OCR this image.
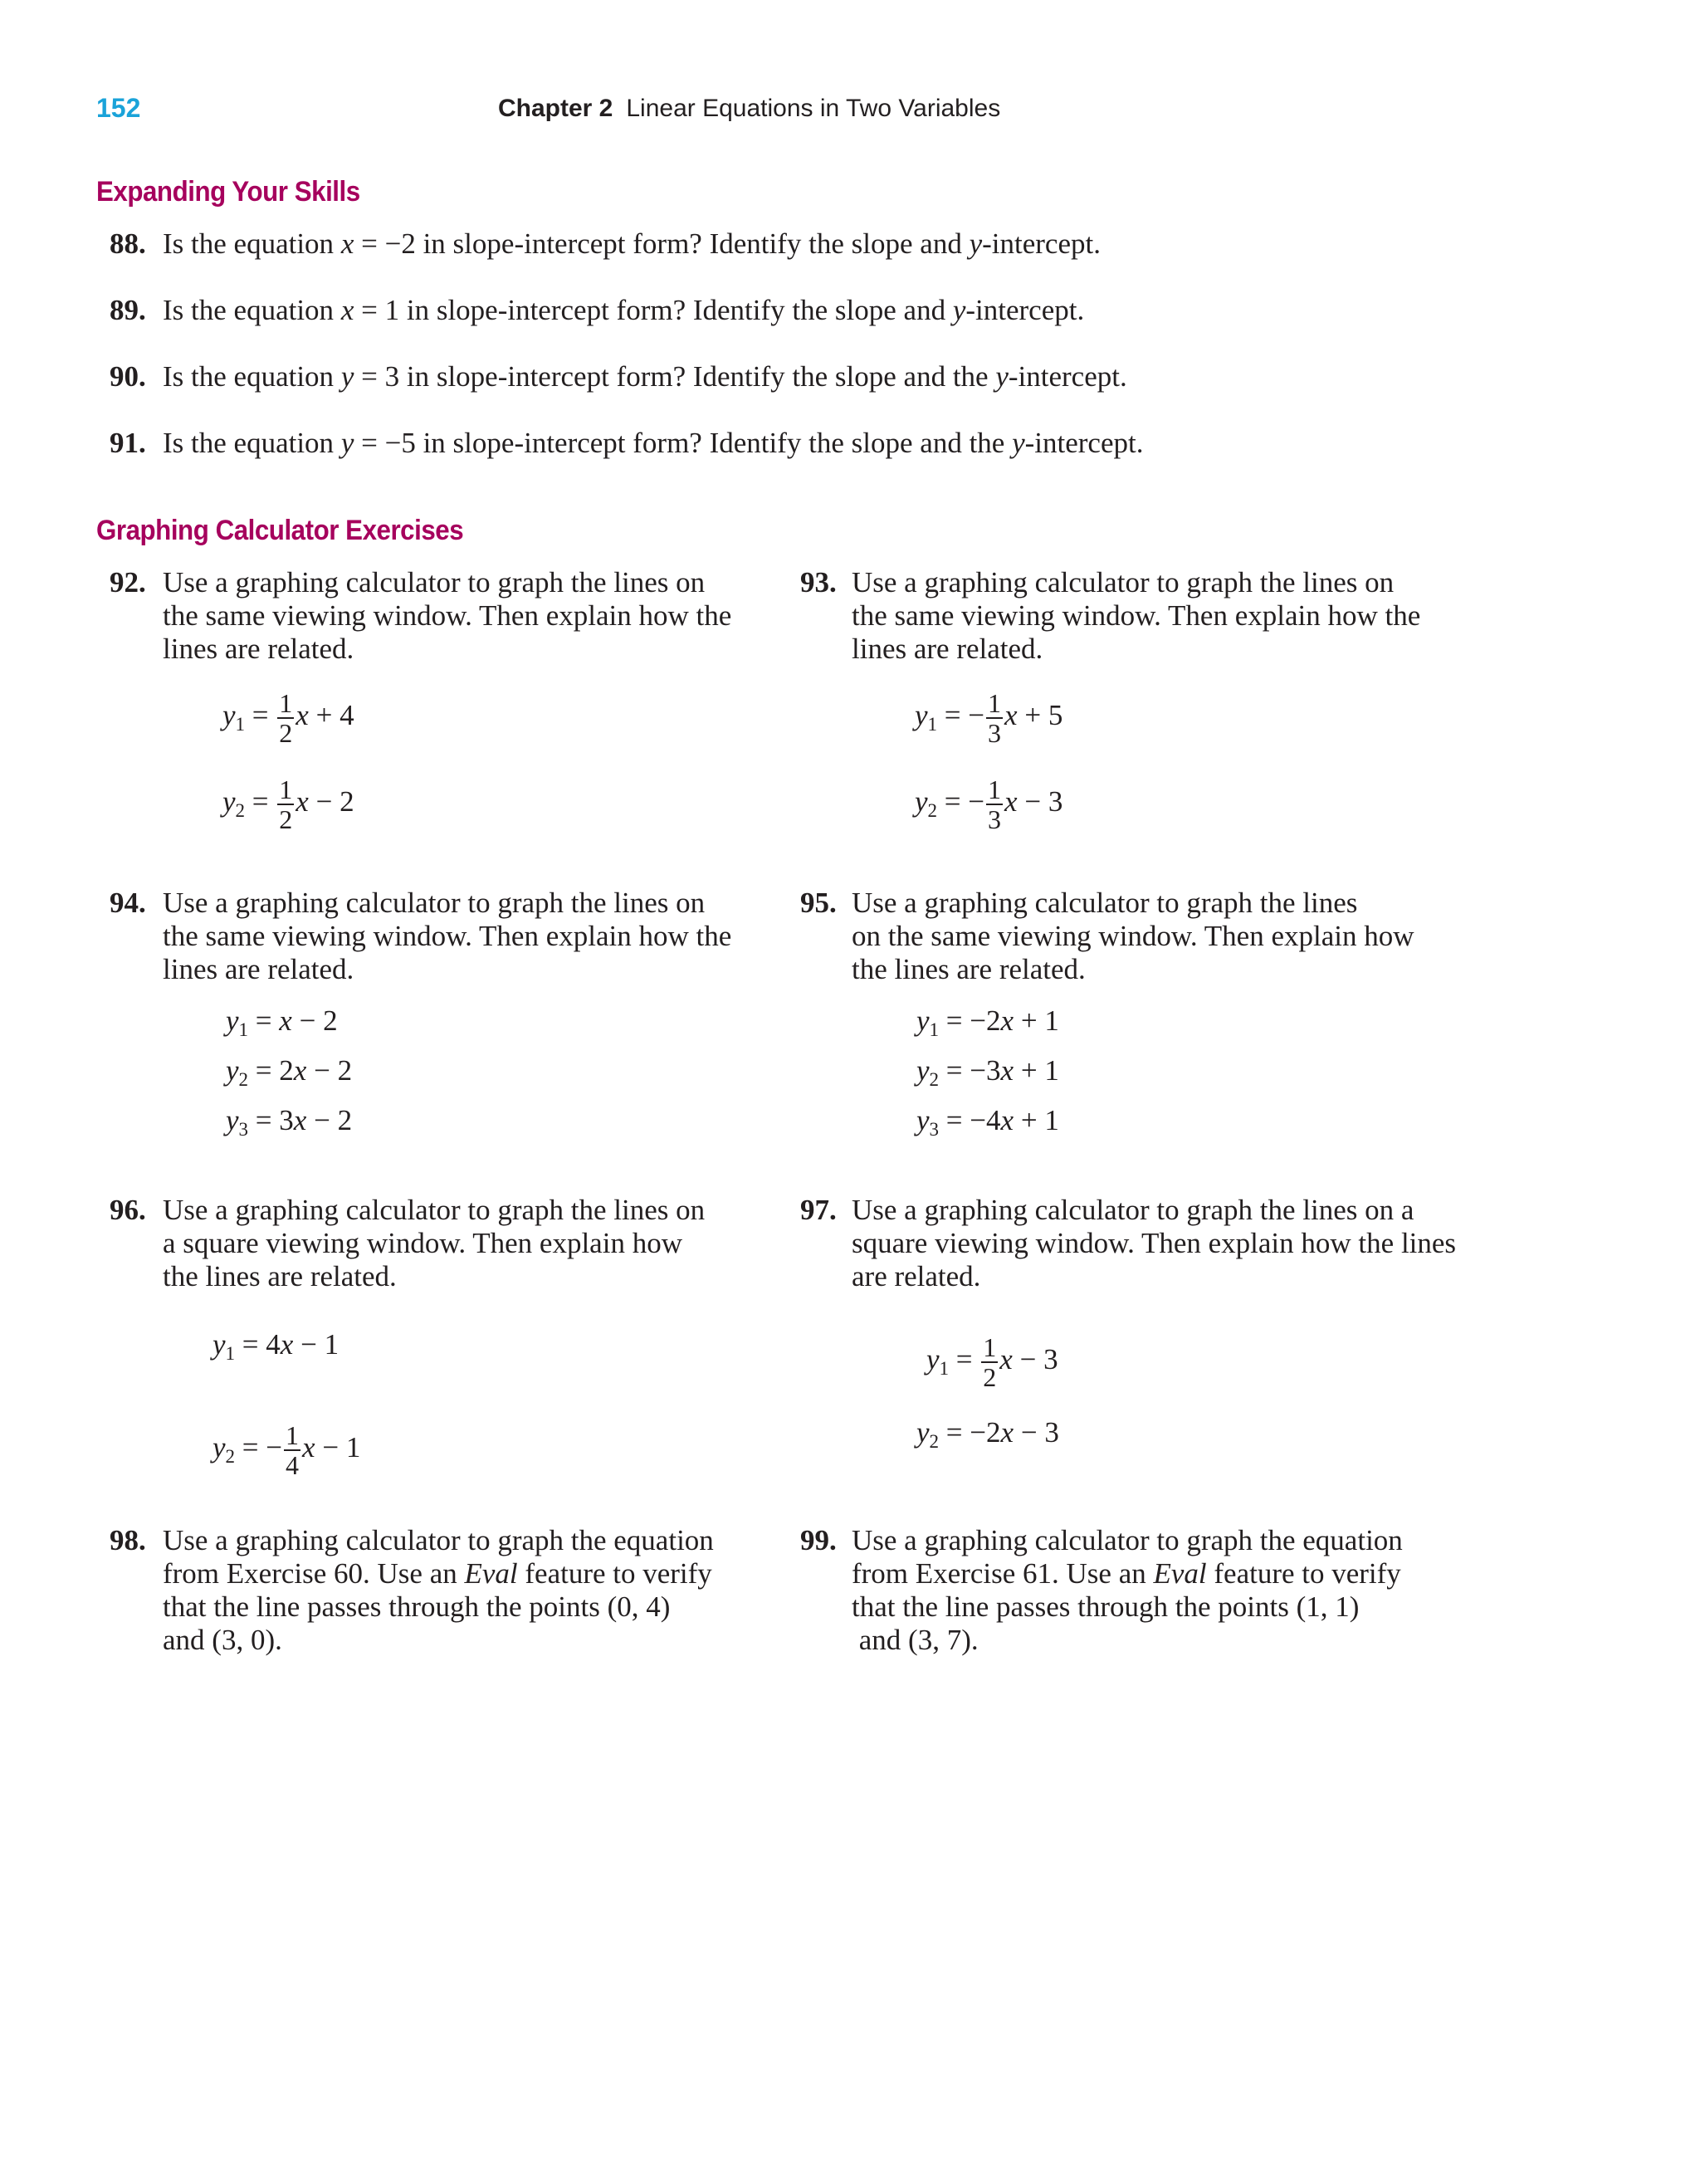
152	Chapter 2 Linear Equations in Two Variables
Expanding Your Skills
88. Is the equation x = −2 in slope-intercept form? Identify the slope and y-intercept.
89. Is the equation x = 1 in slope-intercept form? Identify the slope and y-intercept.
90. Is the equation y = 3 in slope-intercept form? Identify the slope and the y-intercept.
91. Is the equation y = −5 in slope-intercept form? Identify the slope and the y-intercept.
Graphing Calculator Exercises
92. Use a graphing calculator to graph the lines on
the same viewing window. Then explain how the
lines are related.
$y_1 = \frac{1}{2}$ x + 4
$y_2 = \frac{1}{2}$ x − 2
93. Use a graphing calculator to graph the lines on
the same viewing window. Then explain how the
lines are related.
$y_1$ = − $\frac{1}{3}$ x + 5
$y_2$ = − $\frac{1}{3}$ x − 3
94. Use a graphing calculator to graph the lines on
the same viewing window. Then explain how the
lines are related.
$y_1 = x - 2$
$y_2 = 2x - 2$
$y_3 = 3x - 2$
95. Use a graphing calculator to graph the lines
on the same viewing window. Then explain how
the lines are related.
$y_1 = -2x + 1$
$y_2 = -3x + 1$
$y_3 = -4x + 1$
96. Use a graphing calculator to graph the lines on
a square viewing window. Then explain how
the lines are related.
$y_1 = 4x - 1$
$y_2$ = − $\frac{1}{4}$ x − 1
97. Use a graphing calculator to graph the lines on a
square viewing window. Then explain how the lines
are related.
$y_1 = \frac{1}{2}$ x − 3
$y_2 = -2x - 3$
98. Use a graphing calculator to graph the equation
from Exercise 60. Use an Eval feature to verify
that the line passes through the points (0, 4)
and (3, 0).
99. Use a graphing calculator to graph the equation
from Exercise 61. Use an Eval feature to verify
that the line passes through the points (1, 1)
and (3, 7).
